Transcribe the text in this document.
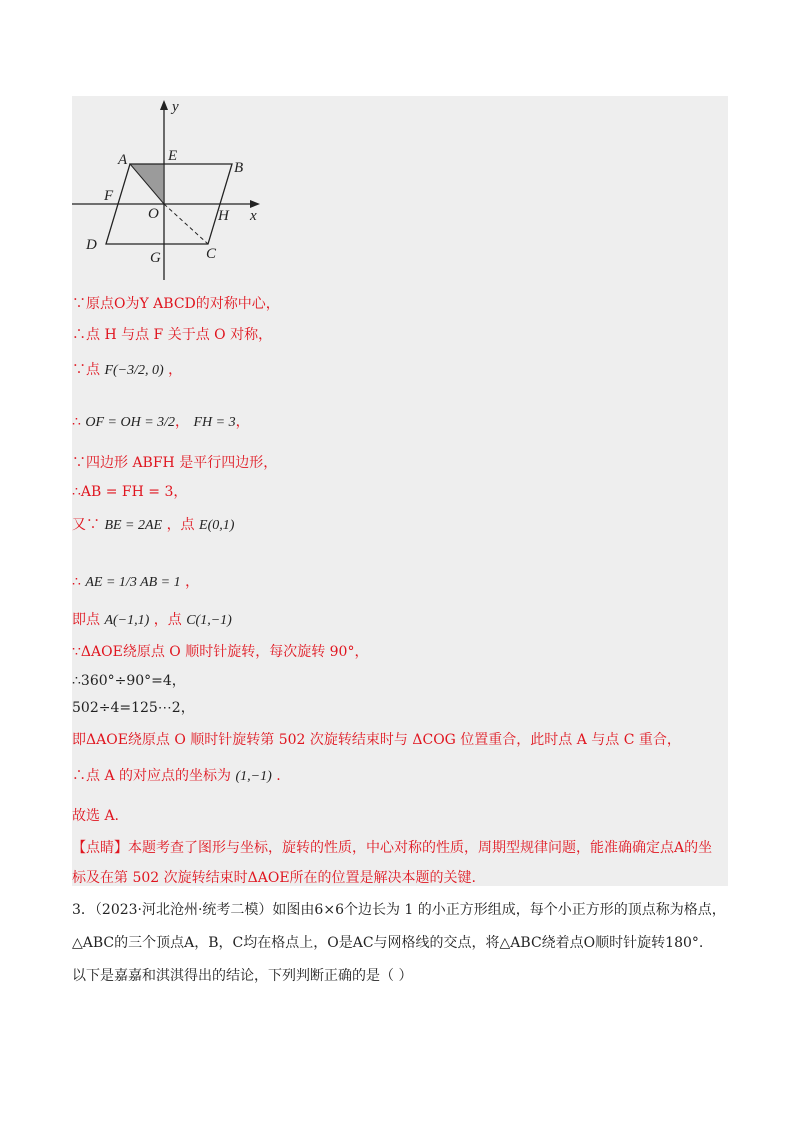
y
x
A	E
B
F
O	H
D
G	C
∵原点O为Y ABCD的对称中心，
∴点 H 与点 F 关于点 O 对称，
∵点 F(−3/2, 0) ，
∴ OF = OH = 3/2， FH = 3，
∵四边形 ABFH 是平行四边形，
∴AB = FH = 3，
又∵ BE = 2AE ，点 E(0,1)
∴ AE = 1/3 AB = 1 ，
即点 A(−1,1) ，点 C(1,−1)
∵ΔAOE绕原点 O 顺时针旋转，每次旋转 90°，
∴360°÷90°=4，
502÷4=125⋯2，
即ΔAOE绕原点 O 顺时针旋转第 502 次旋转结束时与 ΔCOG 位置重合，此时点 A 与点 C 重合，
∴点 A 的对应点的坐标为 (1,−1) .
故选 A.
【点睛】本题考查了图形与坐标，旋转的性质，中心对称的性质，周期型规律问题，能准确确定点A的坐
标及在第 502 次旋转结束时ΔAOE所在的位置是解决本题的关键.
3．（2023·河北沧州·统考二模）如图由6×6个边长为 1 的小正方形组成，每个小正方形的顶点称为格点，
△ABC的三个顶点A，B，C均在格点上，O是AC与网格线的交点，将△ABC绕着点O顺时针旋转180°.
以下是嘉嘉和淇淇得出的结论，下列判断正确的是（ ）
